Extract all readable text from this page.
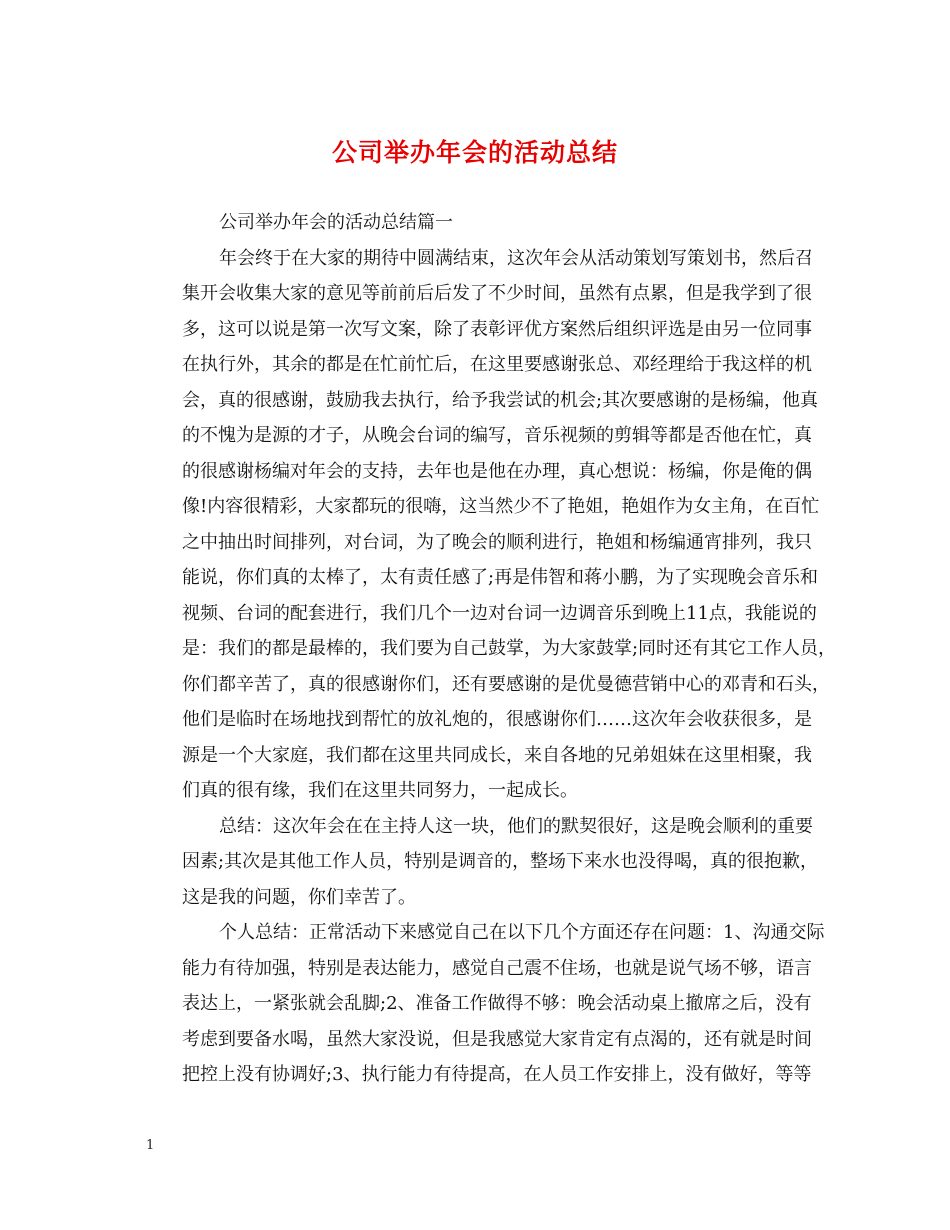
公司举办年会的活动总结
公司举办年会的活动总结篇一
年会终于在大家的期待中圆满结束，这次年会从活动策划写策划书，然后召
集开会收集大家的意见等前前后后发了不少时间，虽然有点累，但是我学到了很
多，这可以说是第一次写文案，除了表彰评优方案然后组织评选是由另一位同事
在执行外，其余的都是在忙前忙后，在这里要感谢张总、邓经理给于我这样的机
会，真的很感谢，鼓励我去执行，给予我尝试的机会;其次要感谢的是杨编，他真
的不愧为是源的才子，从晚会台词的编写，音乐视频的剪辑等都是否他在忙，真
的很感谢杨编对年会的支持，去年也是他在办理，真心想说：杨编，你是俺的偶
像!内容很精彩，大家都玩的很嗨，这当然少不了艳姐，艳姐作为女主角，在百忙
之中抽出时间排列，对台词，为了晚会的顺利进行，艳姐和杨编通宵排列，我只
能说，你们真的太棒了，太有责任感了;再是伟智和蒋小鹏，为了实现晚会音乐和
视频、台词的配套进行，我们几个一边对台词一边调音乐到晚上11点，我能说的
是：我们的都是最棒的，我们要为自己鼓掌，为大家鼓掌;同时还有其它工作人员，
你们都辛苦了，真的很感谢你们，还有要感谢的是优曼德营销中心的邓青和石头，
他们是临时在场地找到帮忙的放礼炮的，很感谢你们……这次年会收获很多，是
源是一个大家庭，我们都在这里共同成长，来自各地的兄弟姐妹在这里相聚，我
们真的很有缘，我们在这里共同努力，一起成长。
总结：这次年会在在主持人这一块，他们的默契很好，这是晚会顺利的重要
因素;其次是其他工作人员，特别是调音的，整场下来水也没得喝，真的很抱歉，
这是我的问题，你们幸苦了。
个人总结：正常活动下来感觉自己在以下几个方面还存在问题：1、沟通交际
能力有待加强，特别是表达能力，感觉自己震不住场，也就是说气场不够，语言
表达上，一紧张就会乱脚;2、准备工作做得不够：晚会活动桌上撤席之后，没有
考虑到要备水喝，虽然大家没说，但是我感觉大家肯定有点渴的，还有就是时间
把控上没有协调好;3、执行能力有待提高，在人员工作安排上，没有做好，等等
1
